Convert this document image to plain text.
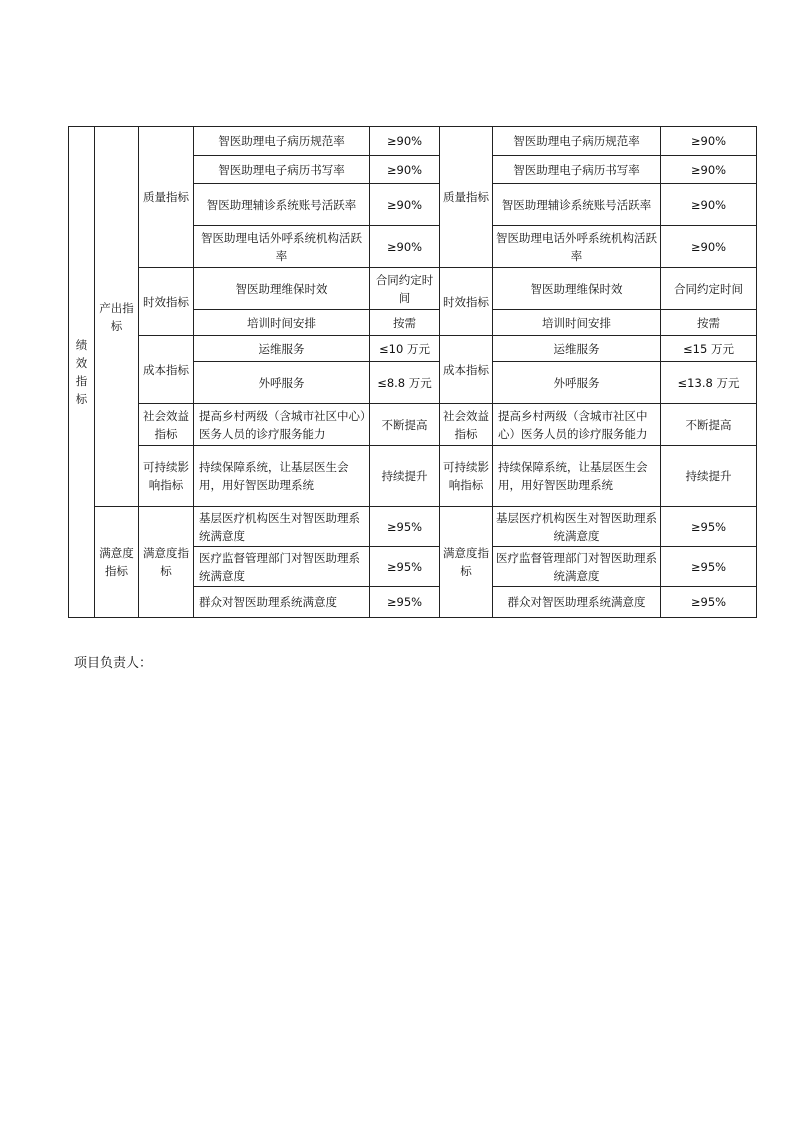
绩效指标	产出指标	质量指标	智医助理电子病历规范率	≥90%	质量指标	智医助理电子病历规范率	≥90%
			智医助理电子病历书写率	≥90%		智医助理电子病历书写率	≥90%
			智医助理辅诊系统账号活跃率	≥90%		智医助理辅诊系统账号活跃率	≥90%
			智医助理电话外呼系统机构活跃率	≥90%		智医助理电话外呼系统机构活跃率	≥90%
		时效指标	智医助理维保时效	合同约定时间	时效指标	智医助理维保时效	合同约定时间
			培训时间安排	按需		培训时间安排	按需
		成本指标	运维服务	≤10 万元	成本指标	运维服务	≤15 万元
			外呼服务	≤8.8 万元		外呼服务	≤13.8 万元
		社会效益指标	提高乡村两级（含城市社区中心）医务人员的诊疗服务能力	不断提高	社会效益指标	提高乡村两级（含城市社区中心）医务人员的诊疗服务能力	不断提高
		可持续影响指标	持续保障系统，让基层医生会用，用好智医助理系统	持续提升	可持续影响指标	持续保障系统，让基层医生会用，用好智医助理系统	持续提升
	满意度指标	满意度指标	基层医疗机构医生对智医助理系统满意度	≥95%	满意度指标	基层医疗机构医生对智医助理系统满意度	≥95%
			医疗监督管理部门对智医助理系统满意度	≥95%		医疗监督管理部门对智医助理系统满意度	≥95%
			群众对智医助理系统满意度	≥95%		群众对智医助理系统满意度	≥95%
项目负责人：
